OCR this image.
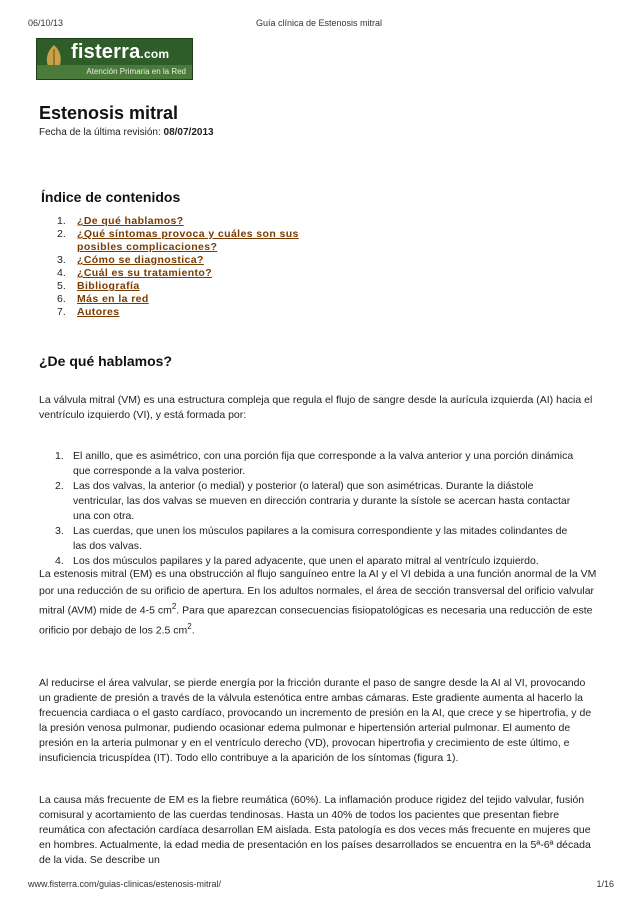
06/10/13	Guía clínica de Estenosis mitral
fisterra.com
Atención Primaria en la Red
Estenosis mitral
Fecha de la última revisión: 08/07/2013
Índice de contenidos
1.	¿De qué hablamos?
2.	¿Qué síntomas provoca y cuáles son sus
posibles complicaciones?
3.	¿Cómo se diagnostica?
4.	¿Cuál es su tratamiento?
5.	Bibliografía
6.	Más en la red
7.	Autores
¿De qué hablamos?
La válvula mitral (VM) es una estructura compleja que regula el flujo de sangre desde la aurícula izquierda (AI) hacia el ventrículo izquierdo (VI), y está formada por:
1. El anillo, que es asimétrico, con una porción fija que corresponde a la valva anterior y una porción dinámica que corresponde a la valva posterior.
2. Las dos valvas, la anterior (o medial) y posterior (o lateral) que son asimétricas. Durante la diástole ventricular, las dos valvas se mueven en dirección contraria y durante la sístole se acercan hasta contactar una con otra.
3. Las cuerdas, que unen los músculos papilares a la comisura correspondiente y las mitades colindantes de las dos valvas.
4. Los dos músculos papilares y la pared adyacente, que unen el aparato mitral al ventrículo izquierdo.
La estenosis mitral (EM) es una obstrucción al flujo sanguíneo entre la AI y el VI debida a una función anormal de la VM por una reducción de su orificio de apertura. En los adultos normales, el área de sección transversal del orificio valvular mitral (AVM) mide de 4-5 $cm^2$. Para que aparezcan consecuencias fisiopatológicas es necesaria una reducción de este orificio por debajo de los 2.5 $cm^2$.
Al reducirse el área valvular, se pierde energía por la fricción durante el paso de sangre desde la AI al VI, provocando un gradiente de presión a través de la válvula estenótica entre ambas cámaras. Este gradiente aumenta al hacerlo la frecuencia cardiaca o el gasto cardíaco, provocando un incremento de presión en la AI, que crece y se hipertrofia, y de la presión venosa pulmonar, pudiendo ocasionar edema pulmonar e hipertensión arterial pulmonar. El aumento de presión en la arteria pulmonar y en el ventrículo derecho (VD), provocan hipertrofia y crecimiento de este último, e insuficiencia tricuspídea (IT). Todo ello contribuye a la aparición de los síntomas (figura 1).
La causa más frecuente de EM es la fiebre reumática (60%). La inflamación produce rigidez del tejido valvular, fusión comisural y acortamiento de las cuerdas tendinosas. Hasta un 40% de todos los pacientes que presentan fiebre reumática con afectación cardíaca desarrollan EM aislada. Esta patología es dos veces más frecuente en mujeres que en hombres. Actualmente, la edad media de presentación en los países desarrollados se encuentra en la 5ª-6ª década de la vida. Se describe un
www.fisterra.com/guias-clinicas/estenosis-mitral/	1/16
